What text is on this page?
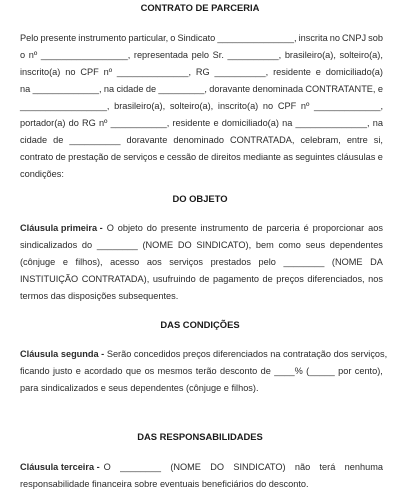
CONTRATO DE PARCERIA
Pelo presente instrumento particular, o Sindicato _______________, inscrita no CNPJ sob
o nº _________________, representada pelo Sr. __________, brasileiro(a), solteiro(a),
inscrito(a) no CPF nº ______________, RG __________, residente e domiciliado(a)
na _____________, na cidade de _________, doravante denominada CONTRATANTE, e
_________________, brasileiro(a), solteiro(a), inscrito(a) no CPF nº _____________,
portador(a) do RG nº ___________, residente e domiciliado(a) na ______________, na
cidade de __________ doravante denominado CONTRATADA, celebram, entre si,
contrato de prestação de serviços e cessão de direitos mediante as seguintes cláusulas e
condições:
DO OBJETO
Cláusula primeira - O objeto do presente instrumento de parceria é proporcionar aos
sindicalizados do ________ (NOME DO SINDICATO), bem como seus dependentes
(cônjuge e filhos), acesso aos serviços prestados pelo ________ (NOME DA
INSTITUIÇÃO CONTRATADA), usufruindo de pagamento de preços diferenciados, nos
termos das disposições subsequentes.
DAS CONDIÇÕES
Cláusula segunda - Serão concedidos preços diferenciados na contratação dos serviços,
ficando justo e acordado que os mesmos terão desconto de ____% (_____ por cento),
para sindicalizados e seus dependentes (cônjuge e filhos).
DAS RESPONSABILIDADES
Cláusula terceira - O ________ (NOME DO SINDICATO) não terá nenhuma
responsabilidade financeira sobre eventuais beneficiários do desconto.
